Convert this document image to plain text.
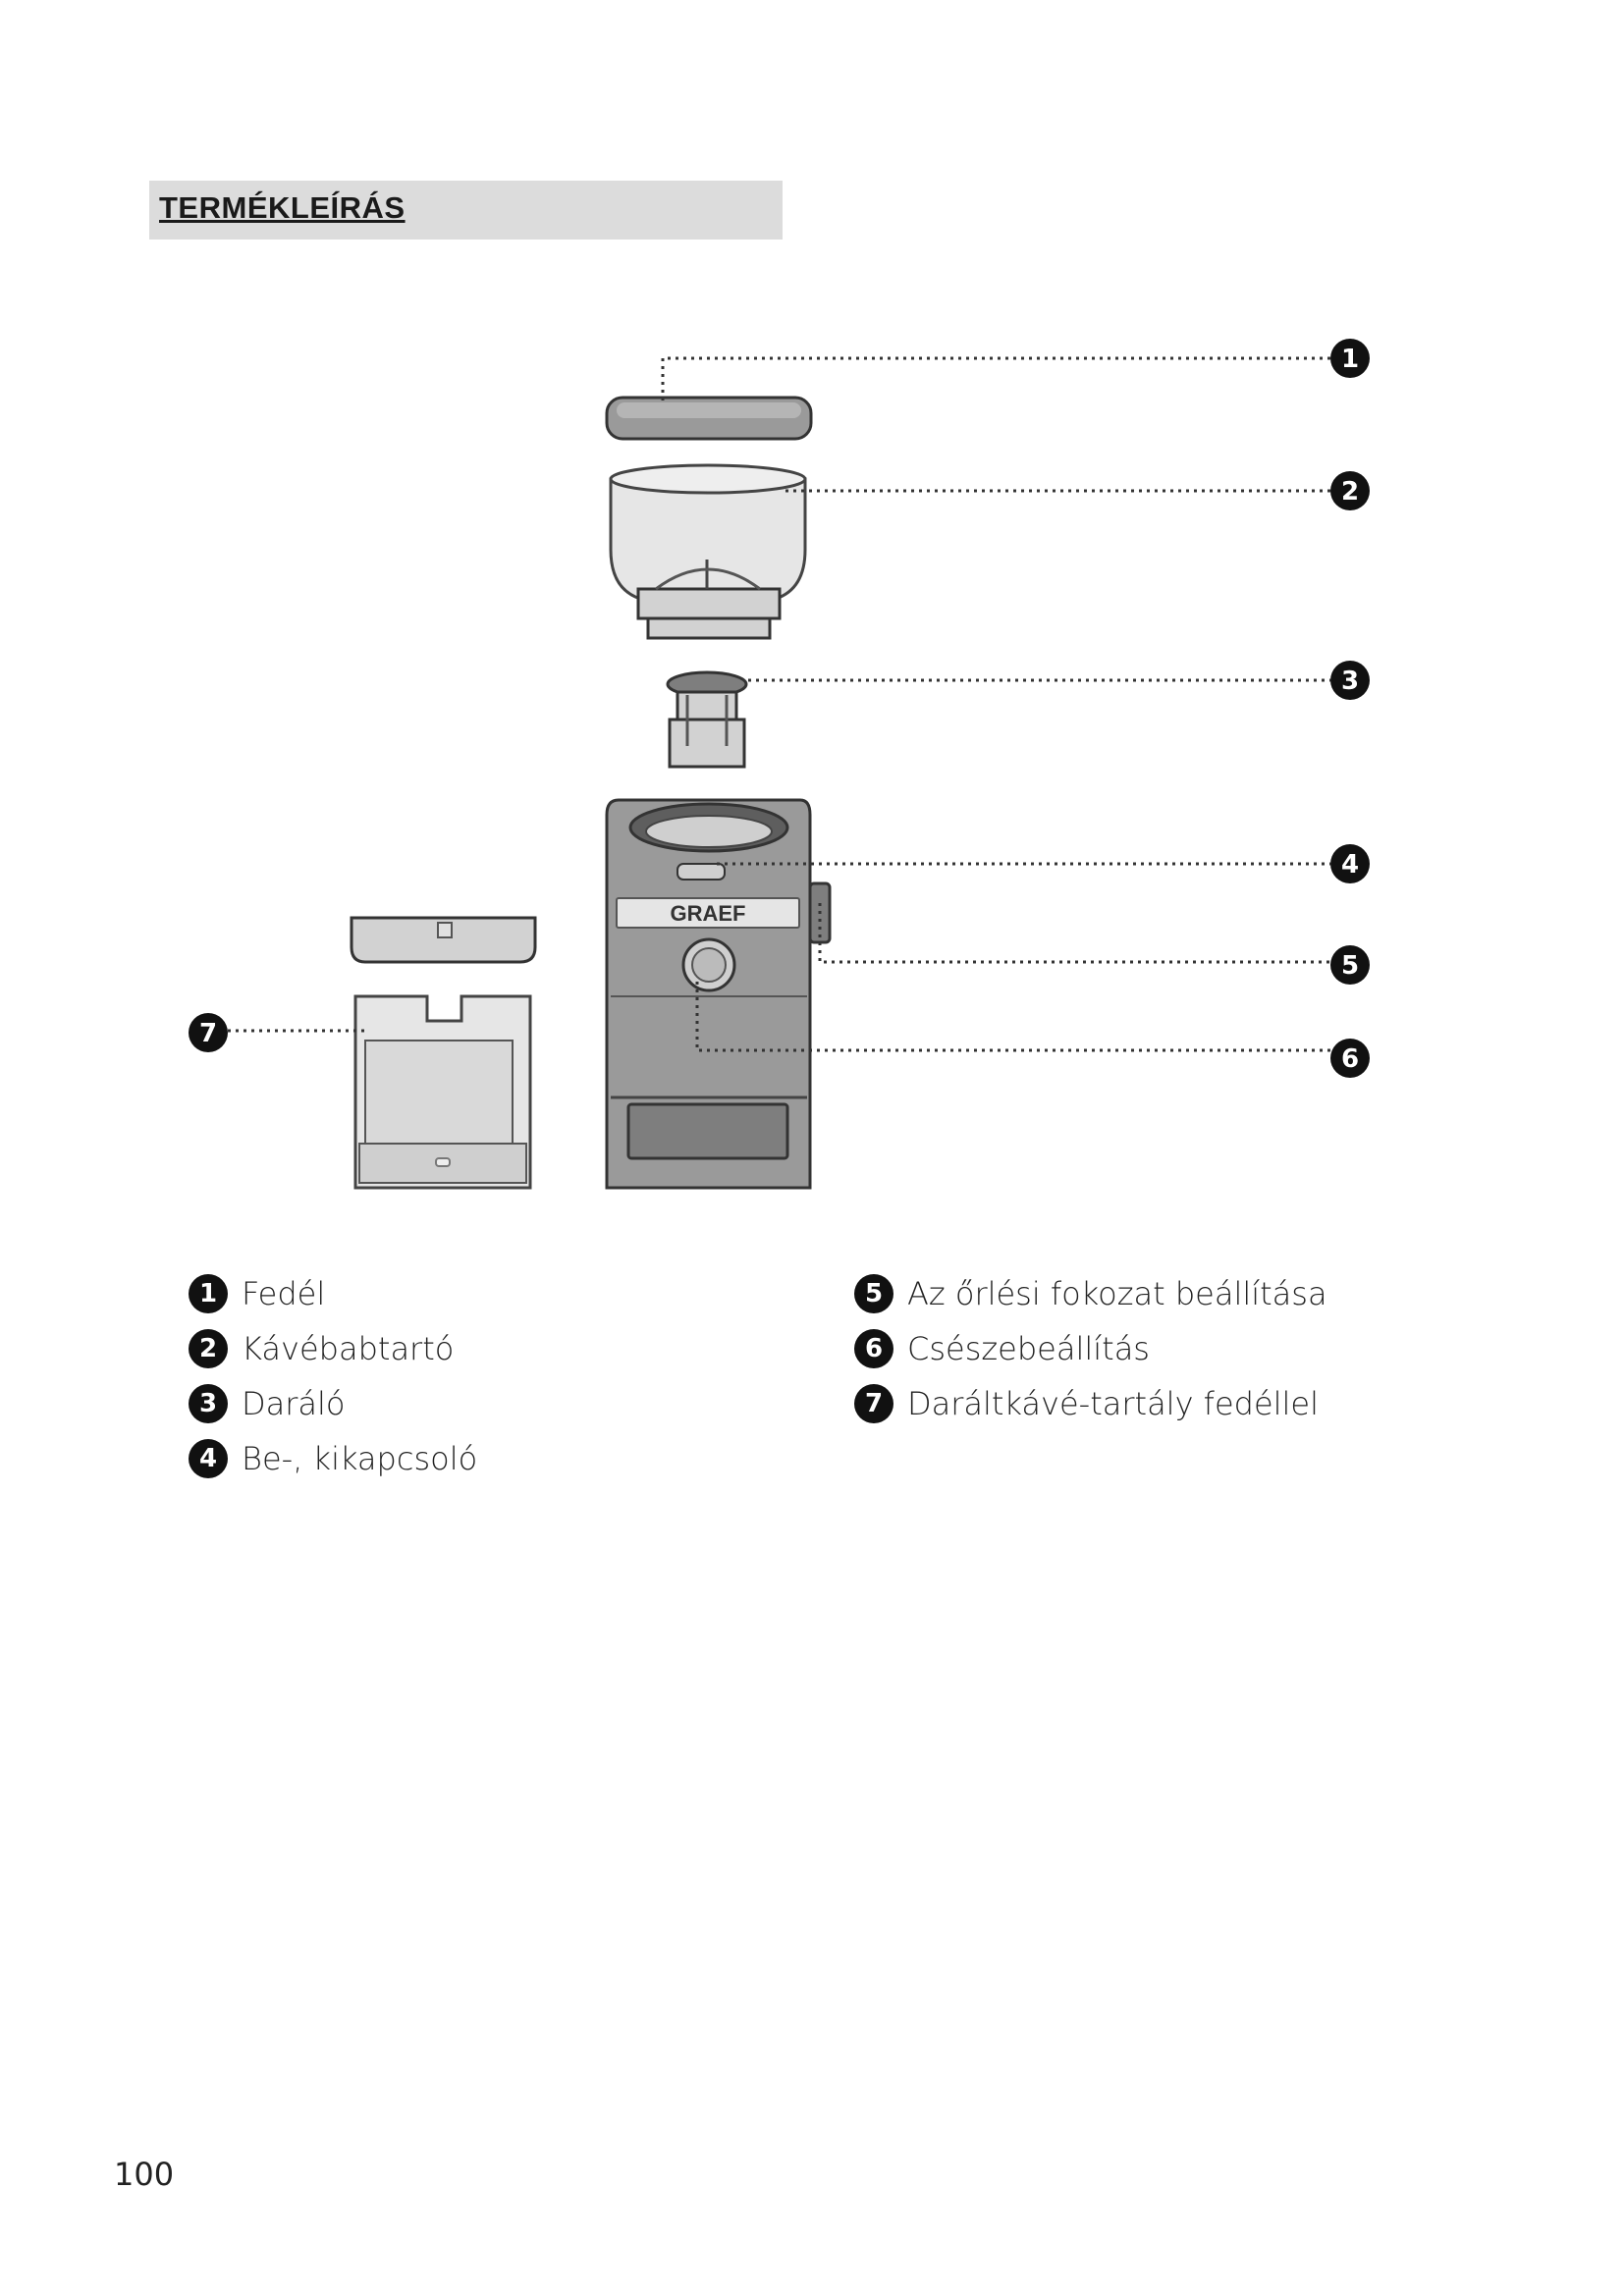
TERMÉKLEÍRÁS
GRAEF
1
2
3
4
5
6
7
1 Fedél
2 Kávébabtartó
3 Daráló
4 Be-, kikapcsoló
5 Az őrlési fokozat beállítása
6 Csészebeállítás
7 Daráltkávé-tartály fedéllel
100
